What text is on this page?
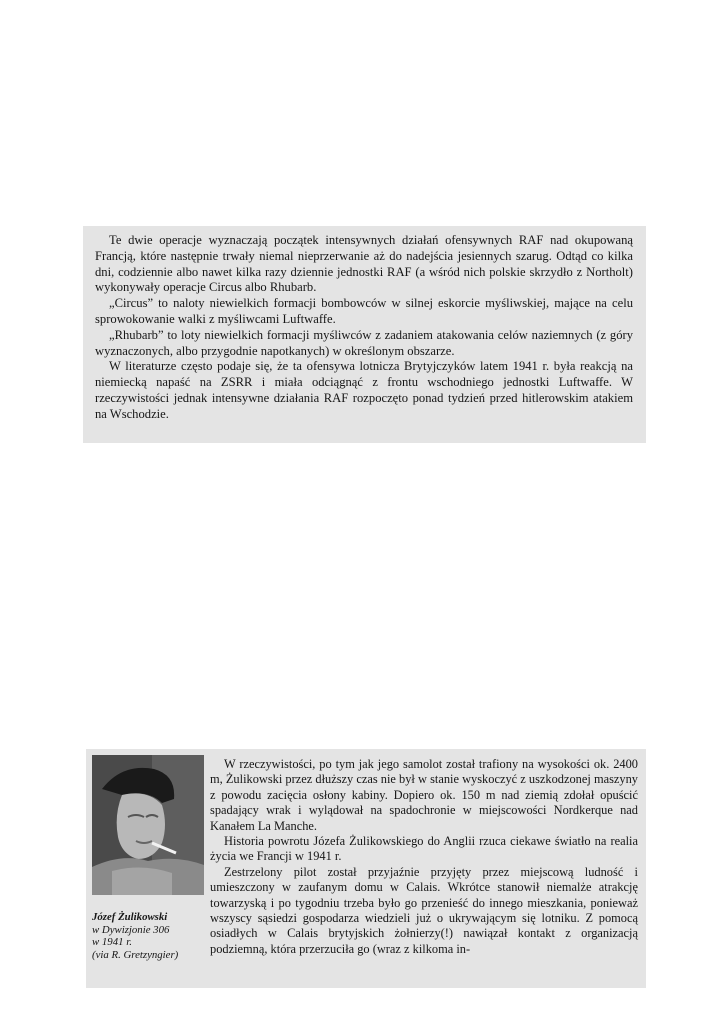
Te dwie operacje wyznaczają początek intensywnych działań ofensywnych RAF nad okupowaną Francją, które następnie trwały niemal nieprzerwanie aż do nadejścia jesiennych szarug. Odtąd co kilka dni, codziennie albo nawet kilka razy dziennie jednostki RAF (a wśród nich polskie skrzydło z Northolt) wykonywały operacje Circus albo Rhubarb.

„Circus” to naloty niewielkich formacji bombowców w silnej eskorcie myśliwskiej, mające na celu sprowokowanie walki z myśliwcami Luftwaffe.

„Rhubarb” to loty niewielkich formacji myśliwców z zadaniem atakowania celów naziemnych (z góry wyznaczonych, albo przygodnie napotkanych) w określonym obszarze.

W literaturze często podaje się, że ta ofensywa lotnicza Brytyjczyków latem 1941 r. była reakcją na niemiecką napaść na ZSRR i miała odciągnąć z frontu wschodniego jednostki Luftwaffe. W rzeczywistości jednak intensywne działania RAF rozpoczęto ponad tydzień przed hitlerowskim atakiem na Wschodzie.

Józef Żulikowski
w Dywizjonie 306
w 1941 r.
(via R. Gretzyngier)

W rzeczywistości, po tym jak jego samolot został trafiony na wysokości ok. 2400 m, Żulikowski przez dłuższy czas nie był w stanie wyskoczyć z uszkodzonej maszyny z powodu zacięcia osłony kabiny. Dopiero ok. 150 m nad ziemią zdołał opuścić spadający wrak i wylądował na spadochronie w miejscowości Nordkerque nad Kanałem La Manche.

Historia powrotu Józefa Żulikowskiego do Anglii rzuca ciekawe światło na realia życia we Francji w 1941 r.

Zestrzelony pilot został przyjaźnie przyjęty przez miejscową ludność i umieszczony w zaufanym domu w Calais. Wkrótce stanowił niemalże atrakcję towarzyską i po tygodniu trzeba było go przenieść do innego mieszkania, ponieważ wszyscy sąsiedzi gospodarza wiedzieli już o ukrywającym się lotniku. Z pomocą osiadłych w Calais brytyjskich żołnierzy(!) nawiązał kontakt z organizacją podziemną, która przerzuciła go (wraz z kilkoma in-
